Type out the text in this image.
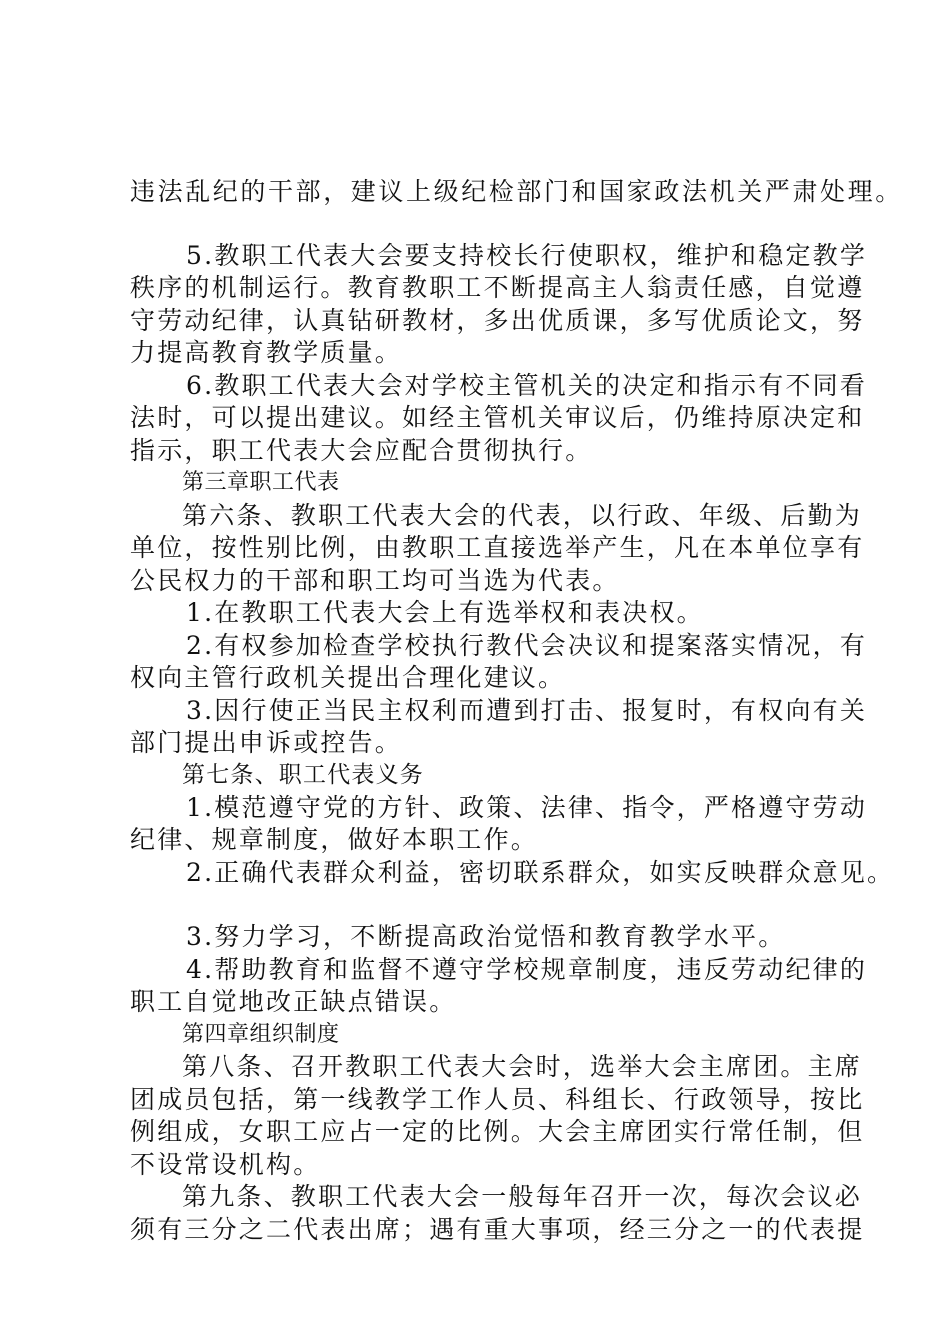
违法乱纪的干部，建议上级纪检部门和国家政法机关严肃处理。
5.教职工代表大会要支持校长行使职权，维护和稳定教学
秩序的机制运行。教育教职工不断提高主人翁责任感，自觉遵
守劳动纪律，认真钻研教材，多出优质课，多写优质论文，努
力提高教育教学质量。
6.教职工代表大会对学校主管机关的决定和指示有不同看
法时，可以提出建议。如经主管机关审议后，仍维持原决定和
指示，职工代表大会应配合贯彻执行。
第三章职工代表
第六条、教职工代表大会的代表，以行政、年级、后勤为
单位，按性别比例，由教职工直接选举产生，凡在本单位享有
公民权力的干部和职工均可当选为代表。
1.在教职工代表大会上有选举权和表决权。
2.有权参加检查学校执行教代会决议和提案落实情况，有
权向主管行政机关提出合理化建议。
3.因行使正当民主权利而遭到打击、报复时，有权向有关
部门提出申诉或控告。
第七条、职工代表义务
1.模范遵守党的方针、政策、法律、指令，严格遵守劳动
纪律、规章制度，做好本职工作。
2.正确代表群众利益，密切联系群众，如实反映群众意见。
3.努力学习，不断提高政治觉悟和教育教学水平。
4.帮助教育和监督不遵守学校规章制度，违反劳动纪律的
职工自觉地改正缺点错误。
第四章组织制度
第八条、召开教职工代表大会时，选举大会主席团。主席
团成员包括，第一线教学工作人员、科组长、行政领导，按比
例组成，女职工应占一定的比例。大会主席团实行常任制，但
不设常设机构。
第九条、教职工代表大会一般每年召开一次，每次会议必
须有三分之二代表出席；遇有重大事项，经三分之一的代表提
